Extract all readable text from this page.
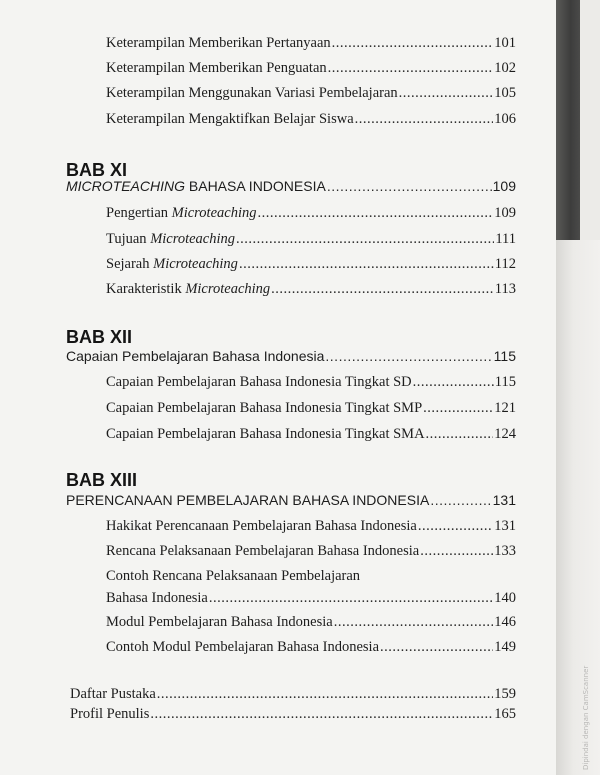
Keterampilan Memberikan Pertanyaan .....	101
Keterampilan Memberikan Penguatan .....	102
Keterampilan Menggunakan Variasi Pembelajaran .....	105
Keterampilan Mengaktifkan Belajar Siswa .....	106
BAB XI
MICROTEACHING BAHASA INDONESIA .....	109
Pengertian Microteaching .....	109
Tujuan Microteaching .....	111
Sejarah Microteaching .....	112
Karakteristik Microteaching .....	113
BAB XII
Capaian Pembelajaran Bahasa Indonesia .....	115
Capaian Pembelajaran Bahasa Indonesia Tingkat SD .....	115
Capaian Pembelajaran Bahasa Indonesia Tingkat SMP .....	121
Capaian Pembelajaran Bahasa Indonesia Tingkat SMA .....	124
BAB XIII
PERENCANAAN PEMBELAJARAN BAHASA INDONESIA .....	131
Hakikat Perencanaan Pembelajaran Bahasa Indonesia .....	131
Rencana Pelaksanaan Pembelajaran Bahasa Indonesia .....	133
Contoh Rencana Pelaksanaan Pembelajaran
Bahasa Indonesia .....	140
Modul Pembelajaran Bahasa Indonesia .....	146
Contoh Modul Pembelajaran Bahasa Indonesia .....	149
Daftar Pustaka .....	159
Profil Penulis .....	165	Dipindai dengan CamScanner
